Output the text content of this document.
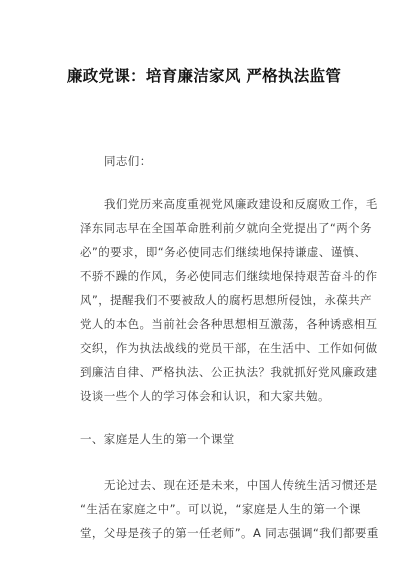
廉政党课：培育廉洁家风 严格执法监管
同志们：
我们党历来高度重视党风廉政建设和反腐败工作，毛
泽东同志早在全国革命胜利前夕就向全党提出了“两个务
必”的要求，即“务必使同志们继续地保持谦虚、谨慎、
不骄不躁的作风，务必使同志们继续地保持艰苦奋斗的作
风”，提醒我们不要被敌人的腐朽思想所侵蚀，永葆共产
党人的本色。当前社会各种思想相互激荡，各种诱惑相互
交织，作为执法战线的党员干部，在生活中、工作如何做
到廉洁自律、严格执法、公正执法？我就抓好党风廉政建
设谈一些个人的学习体会和认识，和大家共勉。
一、家庭是人生的第一个课堂
无论过去、现在还是未来，中国人传统生活习惯还是
“生活在家庭之中”。可以说，“家庭是人生的第一个课
堂，父母是孩子的第一任老师”。A 同志强调“我们都要重
